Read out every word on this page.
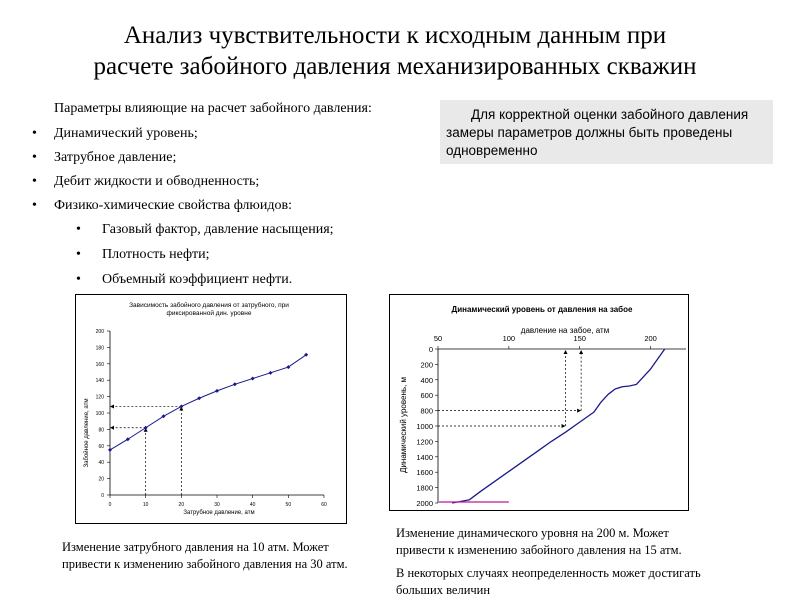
Анализ чувствительности к исходным данным при
расчете забойного давления механизированных скважин
Параметры влияющие на расчет забойного давления:
• Динамический уровень;
• Затрубное давление;
• Дебит жидкости и обводненность;
• Физико-химические свойства флюидов:
• Газовый фактор, давление насыщения;
• Плотность нефти;
• Объемный коэффициент нефти.
Для корректной оценки забойного давления
замеры параметров должны быть проведены
одновременно
Зависимость забойного давления от затрубного, при
фиксированной дин. уровне
0
20
40
60
80
100
120
140
160
180
200
0	10	20	30	40	50	60
Затрубное давление, атм
Забойное давление, атм
Динамический уровень от давления на забое
давление на забое, атм
Динамический уровень, м
0
200
400
600
800
1000
1200
1400
1600
1800
2000
50	100	150	200
Изменение затрубного давления на 10 атм. Может
привести к изменению забойного давления на 30 атм.
Изменение динамического уровня на 200 м. Может
привести к изменению забойного давления на 15 атм.
В некоторых случаях неопределенность может достигать
больших величин
